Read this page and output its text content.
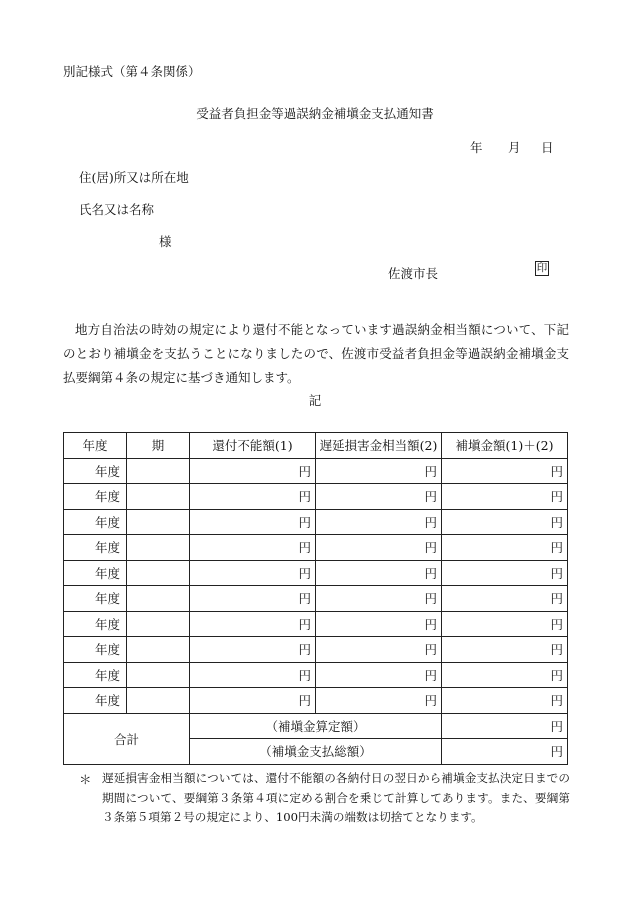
別記様式（第４条関係）
受益者負担金等過誤納金補塡金支払通知書
年 月 日
住(居)所又は所在地
氏名又は名称
様
佐渡市長	印
地方自治法の時効の規定により還付不能となっています過誤納金相当額について、下記のとおり補塡金を支払うことになりましたので、佐渡市受益者負担金等過誤納金補塡金支払要綱第４条の規定に基づき通知します。
記
年度	期	還付不能額(1)	遅延損害金相当額(2)	補塡金額(1)＋(2)
年度		円	円	円
年度		円	円	円
年度		円	円	円
年度		円	円	円
年度		円	円	円
年度		円	円	円
年度		円	円	円
年度		円	円	円
年度		円	円	円
年度		円	円	円
合計		（補塡金算定額）		円
		（補塡金支払総額）		円
＊ 遅延損害金相当額については、還付不能額の各納付日の翌日から補塡金支払決定日までの期間について、要綱第３条第４項に定める割合を乗じて計算してあります。また、要綱第３条第５項第２号の規定により、100円未満の端数は切捨てとなります。
